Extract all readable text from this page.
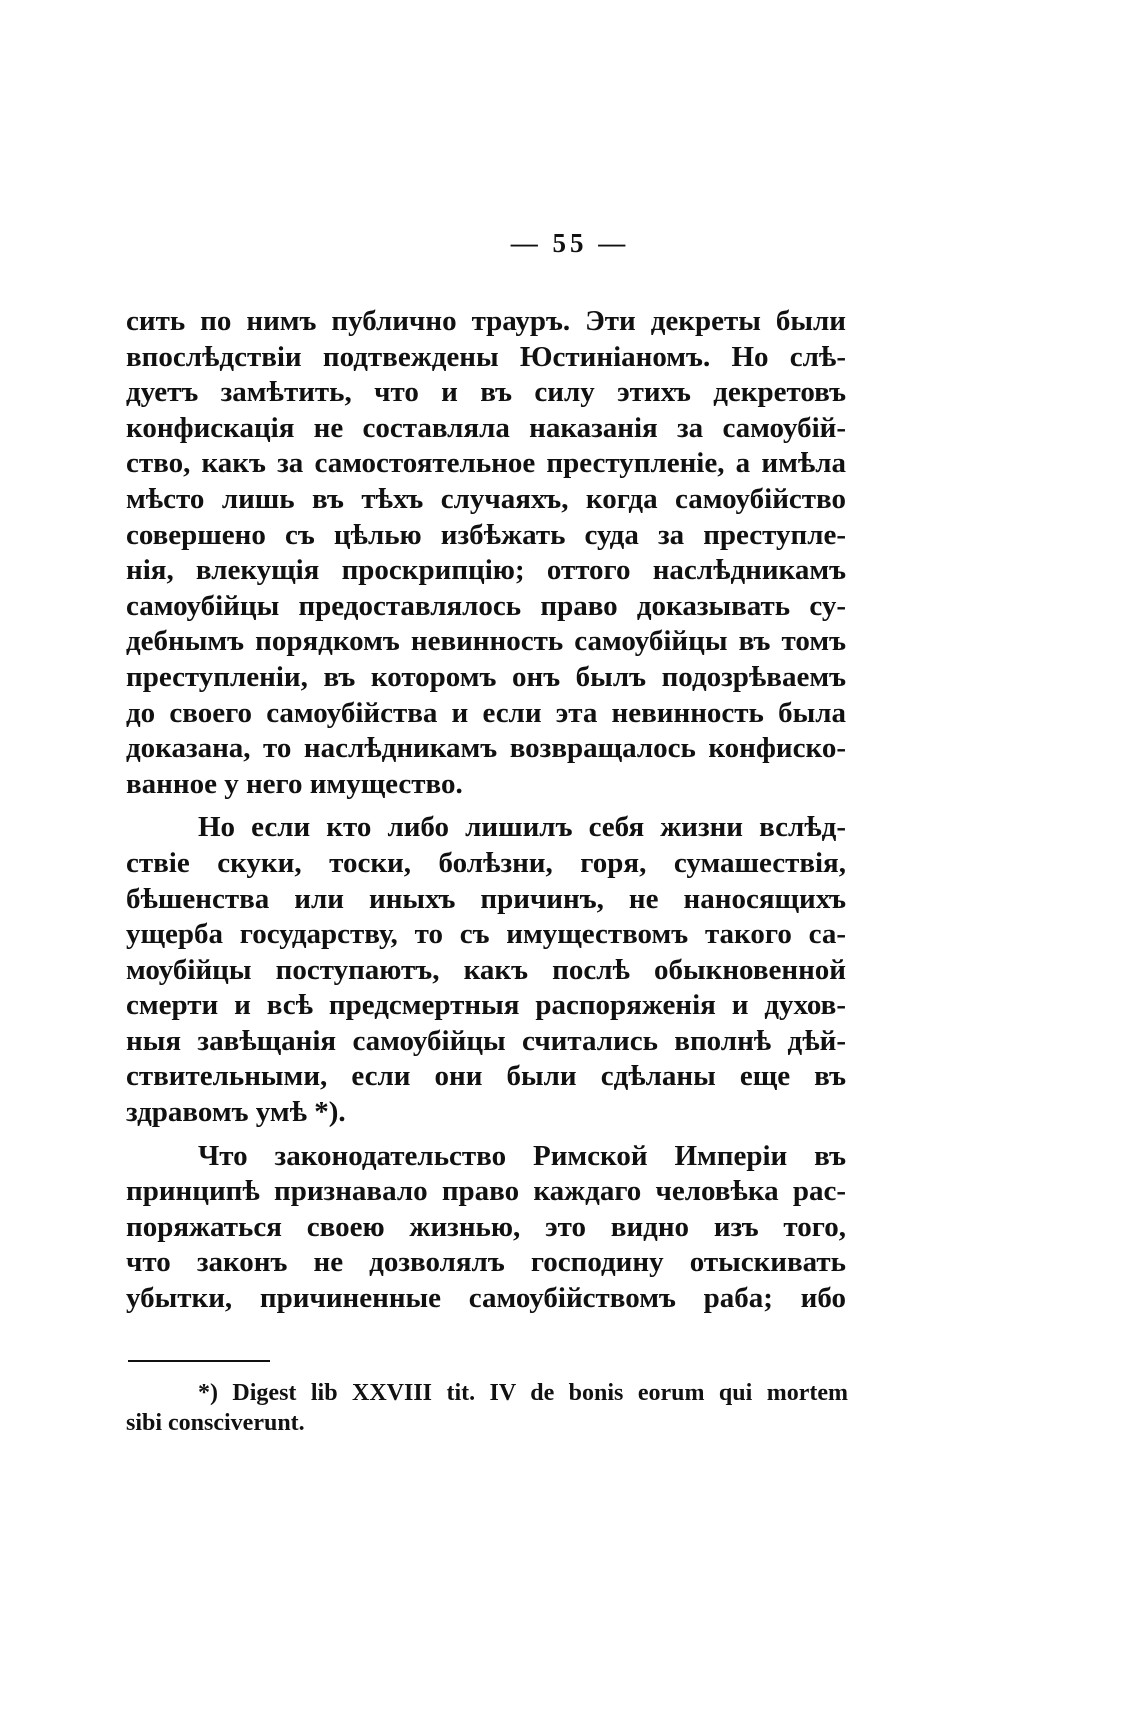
— 55 —
сить по нимъ публично трауръ. Эти декреты были
впослѣдствіи подтвеждены Юстиніаномъ. Но слѣ-
дуетъ замѣтить, что и въ силу этихъ декретовъ
конфискація не составляла наказанія за самоубій-
ство, какъ за самостоятельное преступленіе, а имѣла
мѣсто лишь въ тѣхъ случаяхъ, когда самоубійство
совершено съ цѣлью избѣжать суда за преступле-
нія, влекущія проскрипцію; оттого наслѣдникамъ
самоубійцы предоставлялось право доказывать су-
дебнымъ порядкомъ невинность самоубійцы въ томъ
преступленіи, въ которомъ онъ былъ подозрѣваемъ
до своего самоубійства и если эта невинность была
доказана, то наслѣдникамъ возвращалось конфиско-
ванное у него имущество.
Но если кто либо лишилъ себя жизни вслѣд-
ствіе скуки, тоски, болѣзни, горя, сумашествія,
бѣшенства или иныхъ причинъ, не наносящихъ
ущерба государству, то съ имуществомъ такого са-
моубійцы поступаютъ, какъ послѣ обыкновенной
смерти и всѣ предсмертныя распоряженія и духов-
ныя завѣщанія самоубійцы считались вполнѣ дѣй-
ствительными, если они были сдѣланы еще въ
здравомъ умѣ *).
Что законодательство Римской Имперіи въ
принципѣ признавало право каждаго человѣка рас-
поряжаться своею жизнью, это видно изъ того,
что законъ не дозволялъ господину отыскивать
убытки, причиненные самоубійствомъ раба; ибо
*) Digest lib XXVIII tit. IV de bonis eorum qui mortem
sibi consciverunt.
